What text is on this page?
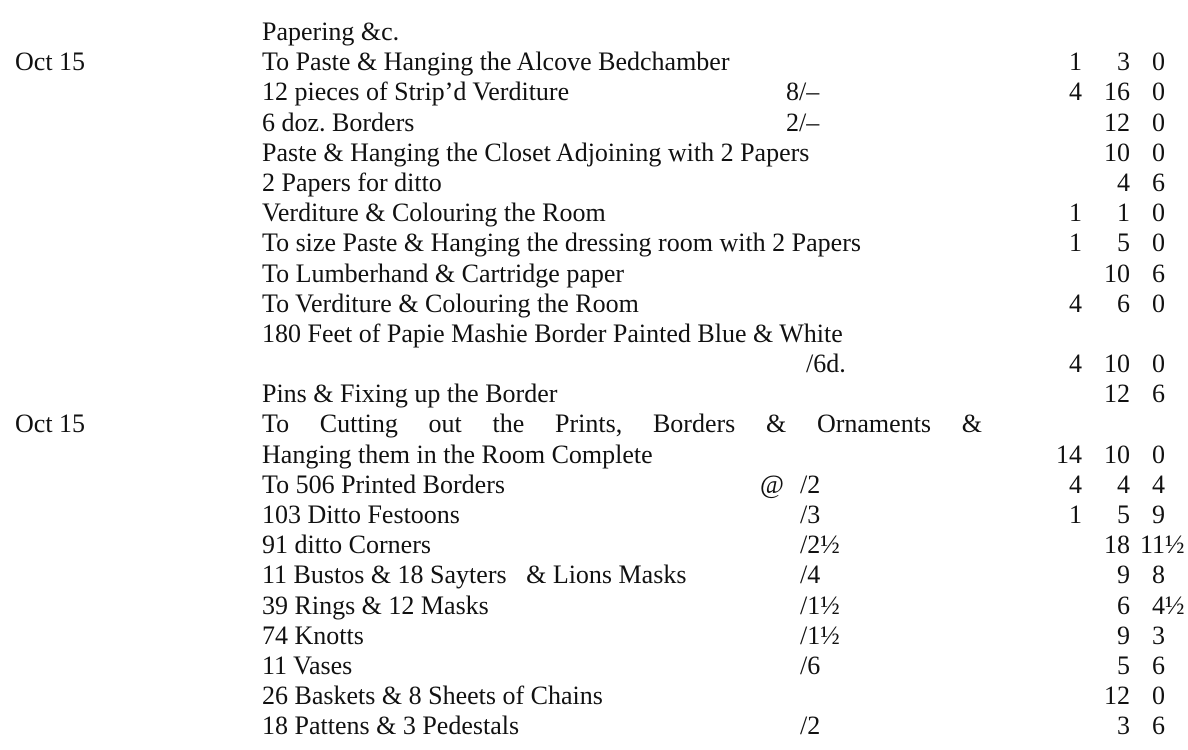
Papering &c.
Oct 15	To Paste & Hanging the Alcove Bedchamber	1 3 0
12 pieces of Strip’d Verditure	8/–	4 16 0
6 doz. Borders	2/–	12 0
Paste & Hanging the Closet Adjoining with 2 Papers	10 0
2 Papers for ditto	4 6
Verditure & Colouring the Room	1 1 0
To size Paste & Hanging the dressing room with 2 Papers	1 5 0
To Lumberhand & Cartridge paper	10 6
To Verditure & Colouring the Room	4 6 0
180 Feet of Papie Mashie Border Painted Blue & White
/6d.	4 10 0
Pins & Fixing up the Border	12 6
Oct 15	To Cutting out the Prints, Borders & Ornaments &
Hanging them in the Room Complete	14 10 0
To 506 Printed Borders	@ /2	4 4 4
103 Ditto Festoons	/3	1 5 9
91 ditto Corners	/2½	18 11½
11 Bustos & 18 Sayters   & Lions Masks	/4	9 8
39 Rings & 12 Masks	/1½	6 4½
74 Knotts	/1½	9 3
11 Vases	/6	5 6
26 Baskets & 8 Sheets of Chains	12 0
18 Pattens & 3 Pedestals	/2	3 6
